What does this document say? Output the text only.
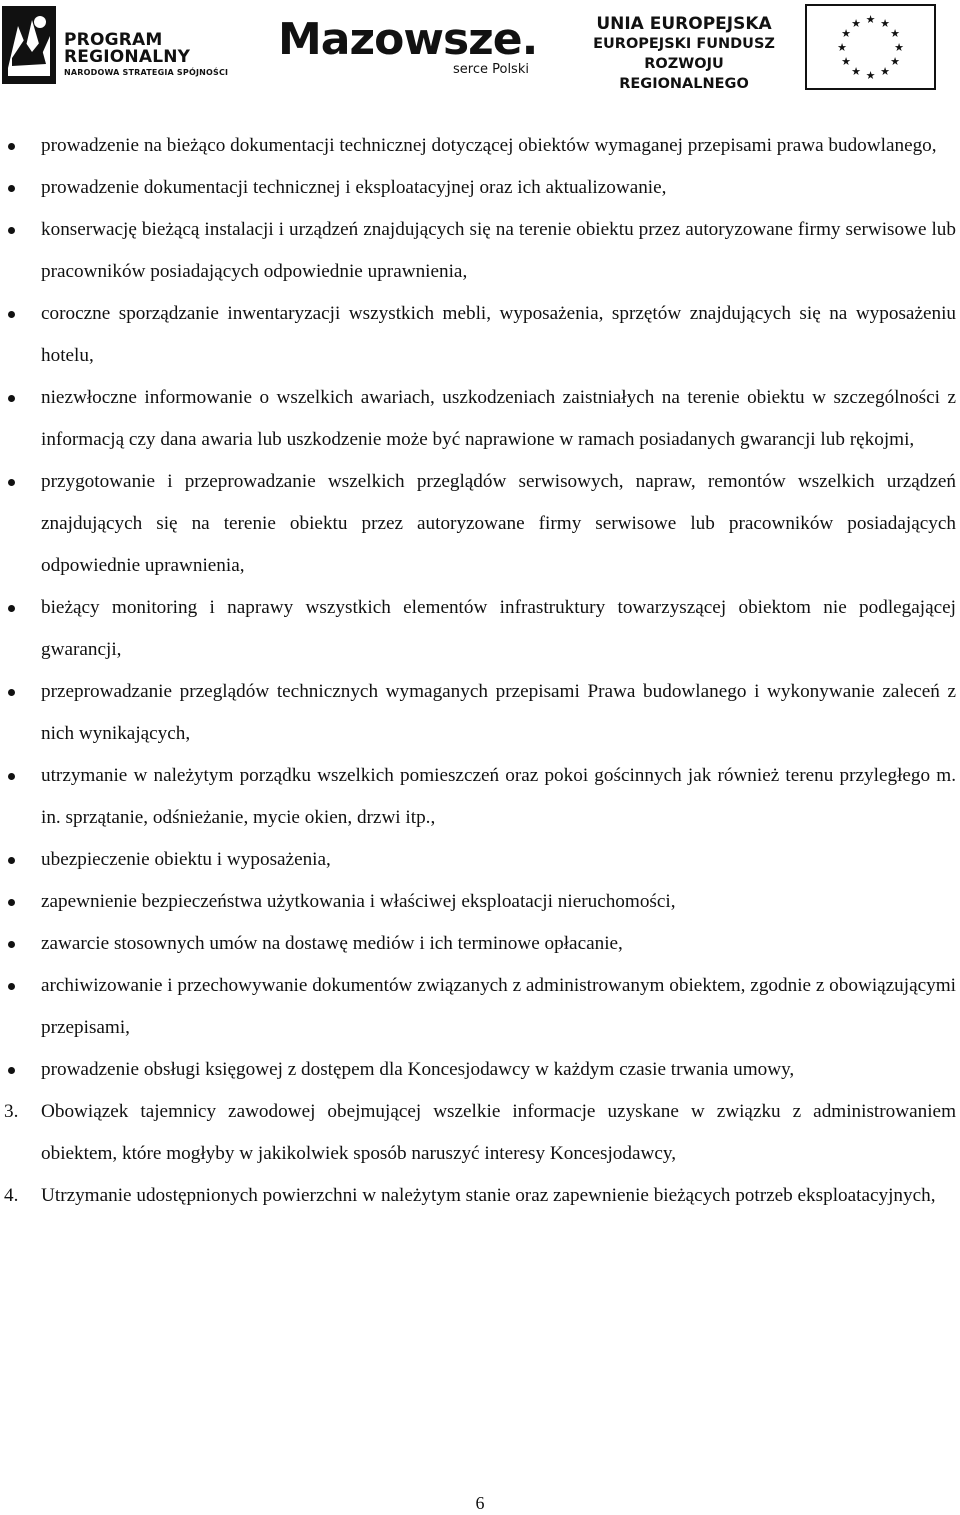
PROGRAM
REGIONALNY
NARODOWA STRATEGIA SPÓJNOŚCI
Mazowsze.
serce Polski
UNIA EUROPEJSKA
EUROPEJSKI FUNDUSZ
ROZWOJU REGIONALNEGO
★ ★
★
★
★
★
★
★
★
★
★
★
prowadzenie na bieżąco dokumentacji technicznej dotyczącej obiektów wymaganej przepisami prawa budowlanego,
prowadzenie dokumentacji technicznej i eksploatacyjnej oraz ich aktualizowanie,
konserwację bieżącą instalacji i urządzeń znajdujących się na terenie obiektu przez autoryzowane firmy serwisowe lub pracowników posiadających odpowiednie uprawnienia,
coroczne sporządzanie inwentaryzacji wszystkich mebli, wyposażenia, sprzętów znajdujących się na wyposażeniu hotelu,
niezwłoczne informowanie o wszelkich awariach, uszkodzeniach zaistniałych na terenie obiektu w szczególności z informacją czy dana awaria lub uszkodzenie może być naprawione w ramach posiadanych gwarancji lub rękojmi,
przygotowanie i przeprowadzanie wszelkich przeglądów serwisowych, napraw, remontów wszelkich urządzeń znajdujących się na terenie obiektu przez autoryzowane firmy serwisowe lub pracowników posiadających odpowiednie uprawnienia,
bieżący monitoring i naprawy wszystkich elementów infrastruktury towarzyszącej obiektom nie podlegającej gwarancji,
przeprowadzanie przeglądów technicznych wymaganych przepisami Prawa budowlanego i wykonywanie zaleceń z nich wynikających,
utrzymanie w należytym porządku wszelkich pomieszczeń oraz pokoi gościnnych jak również terenu przyległego m. in. sprzątanie, odśnieżanie, mycie okien, drzwi itp.,
ubezpieczenie obiektu i wyposażenia,
zapewnienie bezpieczeństwa użytkowania i właściwej eksploatacji nieruchomości,
zawarcie stosownych umów na dostawę mediów i ich terminowe opłacanie,
archiwizowanie i przechowywanie dokumentów związanych z administrowanym obiektem, zgodnie z obowiązującymi przepisami,
prowadzenie obsługi księgowej z dostępem dla Koncesjodawcy w każdym czasie trwania umowy,
3. Obowiązek tajemnicy zawodowej obejmującej wszelkie informacje uzyskane w związku z administrowaniem obiektem, które mogłyby w jakikolwiek sposób naruszyć interesy Koncesjodawcy,
4. Utrzymanie udostępnionych powierzchni w należytym stanie oraz zapewnienie bieżących potrzeb eksploatacyjnych,
6
